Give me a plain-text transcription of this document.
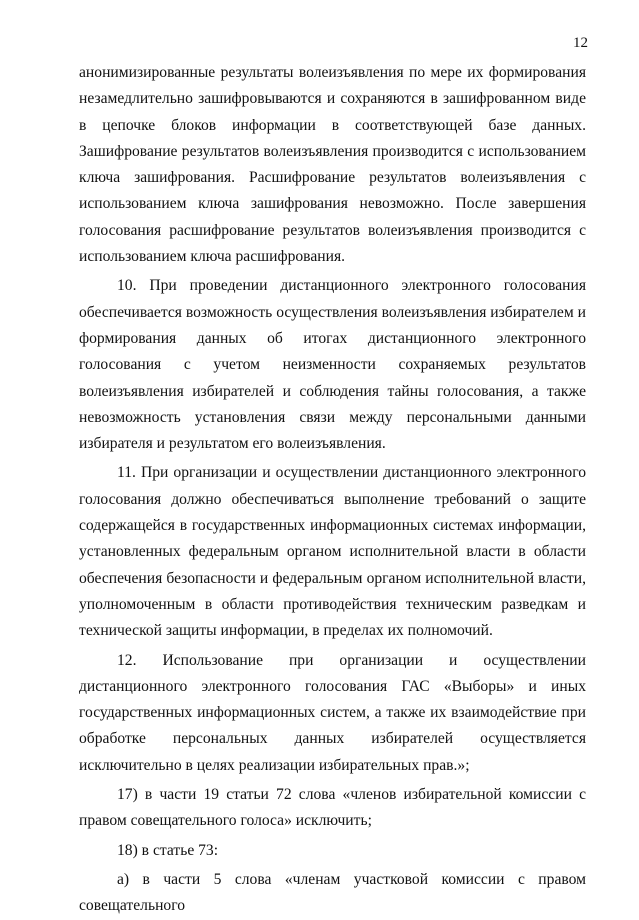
12

анонимизированные результаты волеизъявления по мере их формирования незамедлительно зашифровываются и сохраняются в зашифрованном виде в цепочке блоков информации в соответствующей базе данных. Зашифрование результатов волеизъявления производится с использованием ключа зашифрования. Расшифрование результатов волеизъявления с использованием ключа зашифрования невозможно. После завершения голосования расшифрование результатов волеизъявления производится с использованием ключа расшифрования.

10. При проведении дистанционного электронного голосования обеспечивается возможность осуществления волеизъявления избирателем и формирования данных об итогах дистанционного электронного голосования с учетом неизменности сохраняемых результатов волеизъявления избирателей и соблюдения тайны голосования, а также невозможность установления связи между персональными данными избирателя и результатом его волеизъявления.

11. При организации и осуществлении дистанционного электронного голосования должно обеспечиваться выполнение требований о защите содержащейся в государственных информационных системах информации, установленных федеральным органом исполнительной власти в области обеспечения безопасности и федеральным органом исполнительной власти, уполномоченным в области противодействия техническим разведкам и технической защиты информации, в пределах их полномочий.

12. Использование при организации и осуществлении дистанционного электронного голосования ГАС «Выборы» и иных государственных информационных систем, а также их взаимодействие при обработке персональных данных избирателей осуществляется исключительно в целях реализации избирательных прав.»;

17) в части 19 статьи 72 слова «членов избирательной комиссии с правом совещательного голоса» исключить;

18) в статье 73:

а) в части 5 слова «членам участковой комиссии с правом совещательного
